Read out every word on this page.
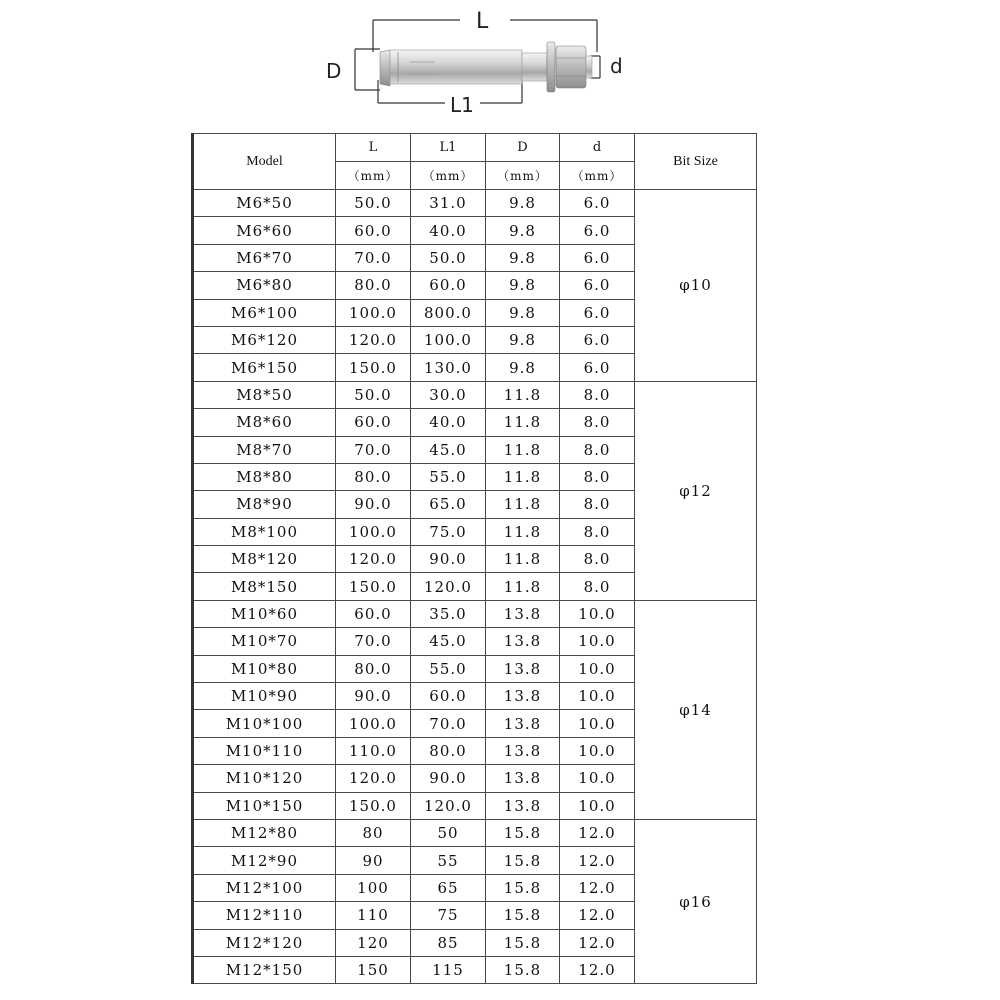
L
L1
D	d
Model	L	L1	D	d	Bit Size
	（mm）	（mm）	（mm）	（mm）	
M6*50	50.0	31.0	9.8	6.0	φ10
M6*60	60.0	40.0	9.8	6.0	
M6*70	70.0	50.0	9.8	6.0	
M6*80	80.0	60.0	9.8	6.0	
M6*100	100.0	800.0	9.8	6.0	
M6*120	120.0	100.0	9.8	6.0	
M6*150	150.0	130.0	9.8	6.0	
M8*50	50.0	30.0	11.8	8.0	φ12
M8*60	60.0	40.0	11.8	8.0	
M8*70	70.0	45.0	11.8	8.0	
M8*80	80.0	55.0	11.8	8.0	
M8*90	90.0	65.0	11.8	8.0	
M8*100	100.0	75.0	11.8	8.0	
M8*120	120.0	90.0	11.8	8.0	
M8*150	150.0	120.0	11.8	8.0	
M10*60	60.0	35.0	13.8	10.0	φ14
M10*70	70.0	45.0	13.8	10.0	
M10*80	80.0	55.0	13.8	10.0	
M10*90	90.0	60.0	13.8	10.0	
M10*100	100.0	70.0	13.8	10.0	
M10*110	110.0	80.0	13.8	10.0	
M10*120	120.0	90.0	13.8	10.0	
M10*150	150.0	120.0	13.8	10.0	
M12*80	80	50	15.8	12.0	φ16
M12*90	90	55	15.8	12.0	
M12*100	100	65	15.8	12.0	
M12*110	110	75	15.8	12.0	
M12*120	120	85	15.8	12.0	
M12*150	150	115	15.8	12.0	
